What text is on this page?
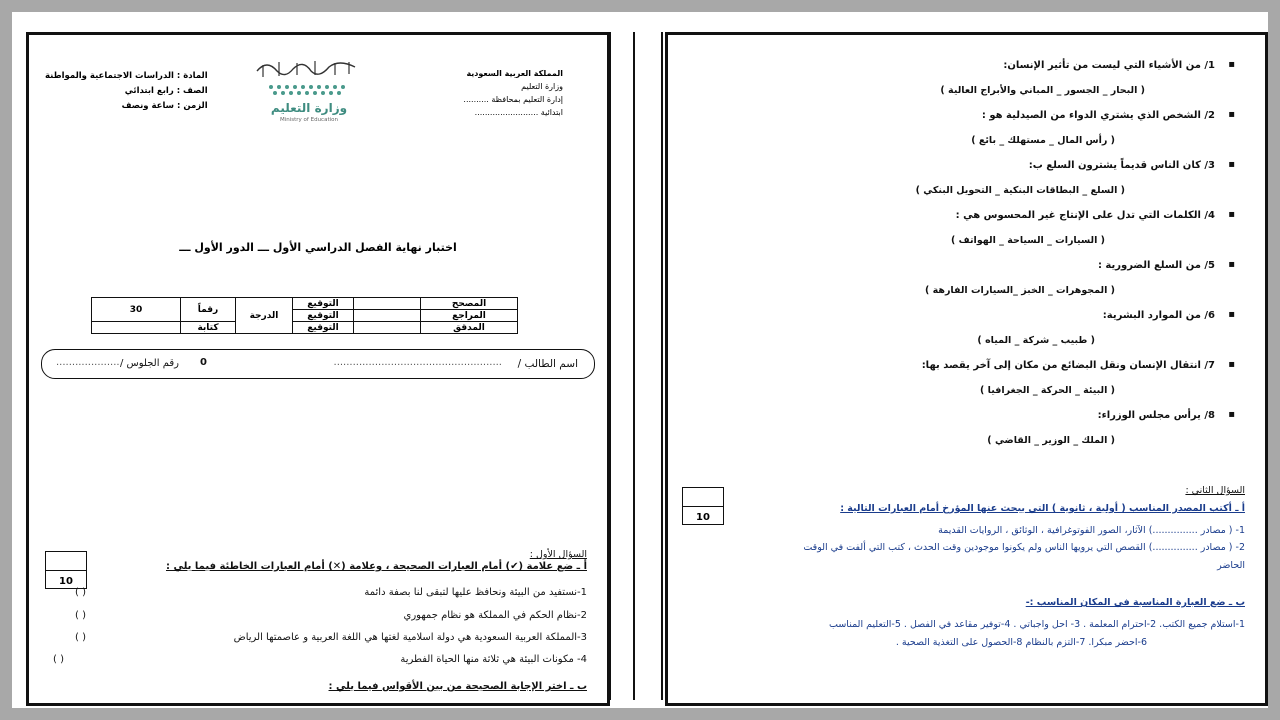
المملكة العربية السعودية
وزارة التعليم
إدارة التعليم بمحافظة ..........
ابتدائية .........................
وزارة التعليم
Ministry of Education
المادة : الدراسات الاجتماعية والمواطنة
الصف : رابع ابتدائي
الزمن : ساعة ونصف
اختبار نهاية الفصل الدراسي الأول ـــ الدور الأول ـــ
المصحح		التوقيع	الدرجة	رقماً	30
المراجع		التوقيع			
المدقق		التوقيع		كتابة	
اسم الطالب /
.....................................................
0
رقم الجلوس /
.....................
السؤال الأول :
أ ـ ضع علامة (✔) أمام العبارات الصحيحة ، وعلامة (✕) أمام العبارات الخاطئة فيما يلي :
10
1-نستفيد من البيئة ونحافظ عليها لتبقى لنا بصفة دائمة
( )
2-نظام الحكم في المملكة هو نظام جمهوري
( )
3-المملكة العربية السعودية هي دولة اسلامية لغتها هي اللغة العربية و عاصمتها الرياض
( )
4- مكونات البيئة هي ثلاثة منها الحياة الفطرية
( )
ب ـ اختر الإجابة الصحيحة من بين الأقواس فيما يلي :
▪ 1/ من الأشياء التي ليست من تأثير الإنسان:
( البحار _ الجسور _ المباني والأبراج العالية )
▪ 2/ الشخص الذي يشتري الدواء من الصيدلية هو :
( رأس المال _ مستهلك _ بائع )
▪ 3/ كان الناس قديماً يشترون السلع ب:
( السلع _ البطاقات البنكية _ التحويل البنكي )
▪ 4/ الكلمات التي تدل على الإنتاج غير المحسوس هي :
( السيارات _ السياحة _ الهواتف )
▪ 5/ من السلع الضرورية :
( المجوهرات _ الخبز _السيارات الفارهة )
▪ 6/ من الموارد البشرية:
( طبيب _ شركة _ المياه )
▪ 7/ انتقال الإنسان ونقل البضائع من مكان إلى آخر يقصد بها:
( البيئة _ الحركة _ الجغرافيا )
▪ 8/ يرأس مجلس الوزراء:
( الملك _ الوزير _ القاضي )
السؤال الثاني :
10
أ ـ أكتب المصدر المناسب ( أولية ، ثانوية ) التي يبحث عنها المؤرخ أمام العبارات التالية :
1- ( مصادر ...............) الآثار، الصور الفوتوغرافية ، الوثائق ، الروايات القديمة
2- ( مصادر ...............) القصص التي يرويها الناس ولم يكونوا موجودين وقت الحدث ، كتب التي ألفت في الوقت
الحاضر
ب ـ ضع العبارة المناسبة في المكان المناسب :-
1-استلام جميع الكتب. 2-احترام المعلمة . 3- احل واجباتي . 4-توفير مقاعد في الفصل . 5-التعليم المناسب
6-احضر مبكرا. 7-التزم بالنظام 8-الحصول على التغذية الصحية .
